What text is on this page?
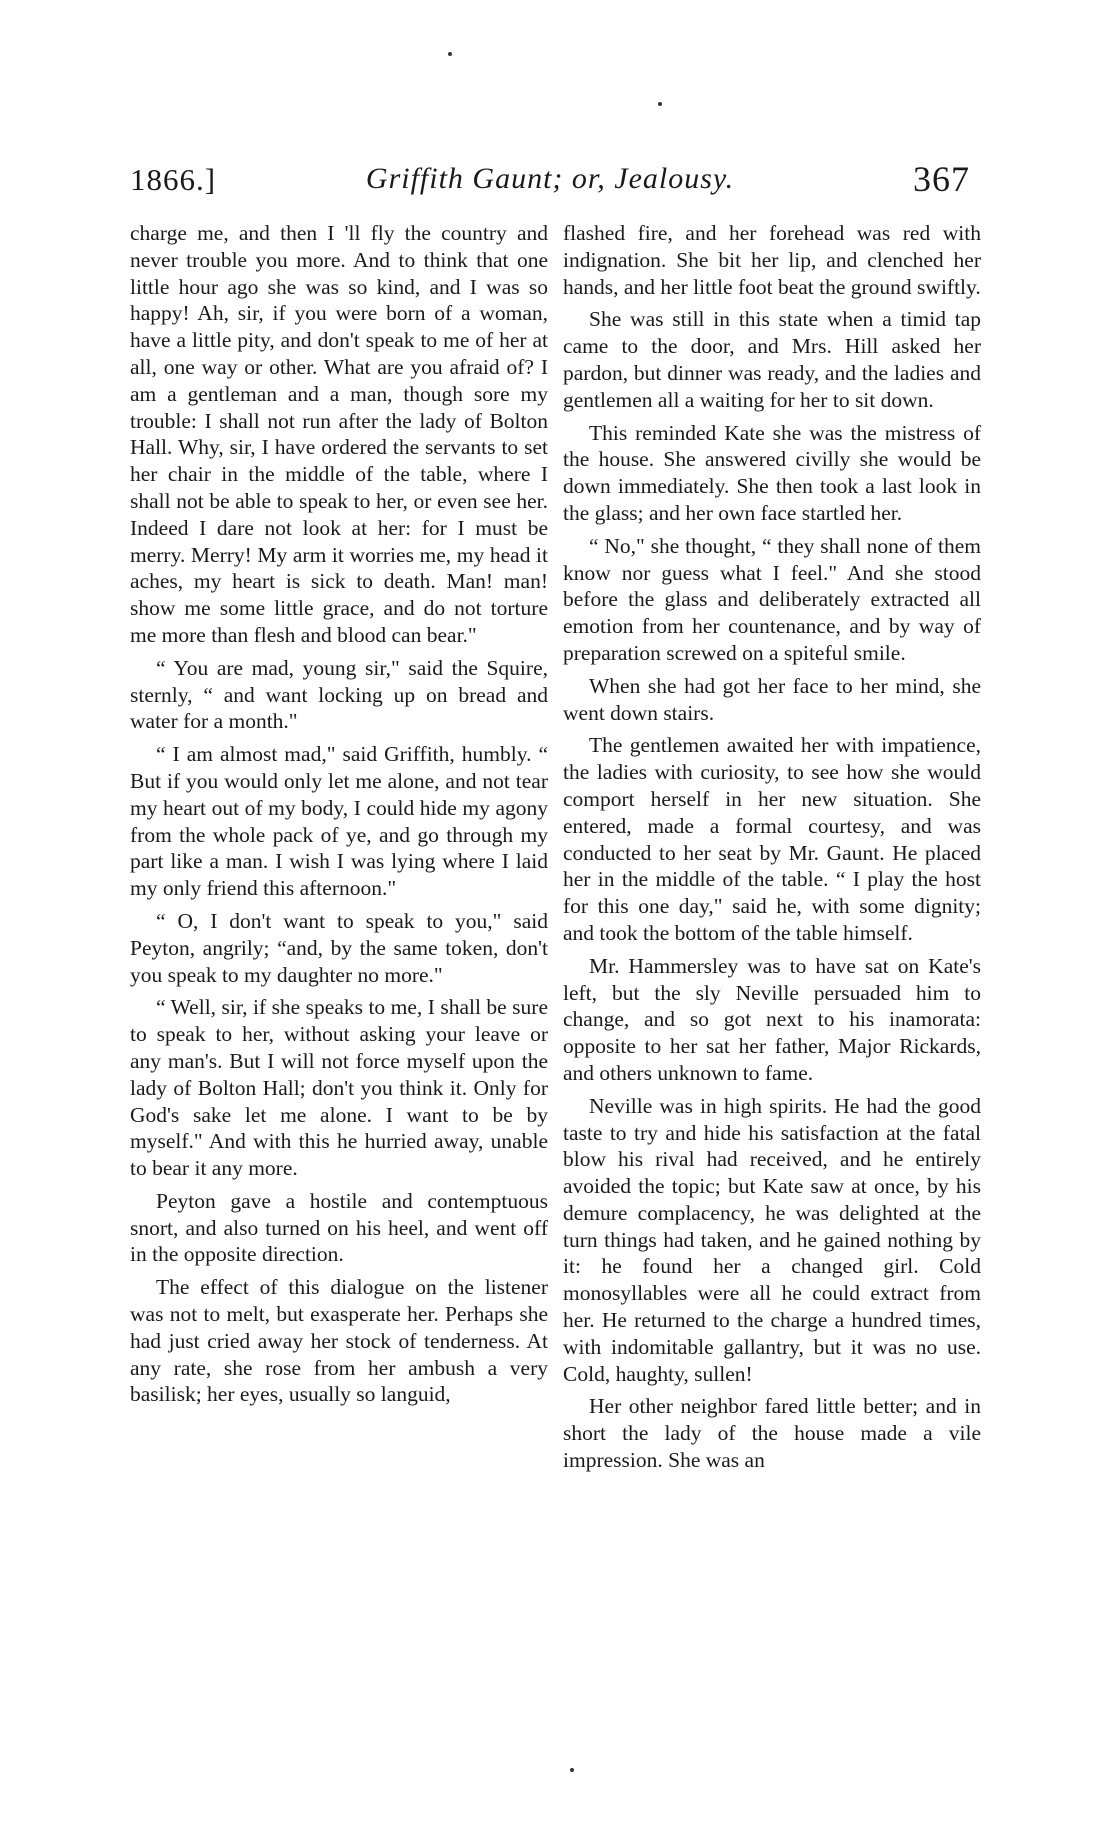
1866.]	Griffith Gaunt; or, Jealousy.	367

charge me, and then I 'll fly the country and never trouble you more. And to think that one little hour ago she was so kind, and I was so happy! Ah, sir, if you were born of a woman, have a little pity, and don't speak to me of her at all, one way or other. What are you afraid of? I am a gentleman and a man, though sore my trouble: I shall not run after the lady of Bolton Hall. Why, sir, I have ordered the servants to set her chair in the middle of the table, where I shall not be able to speak to her, or even see her. Indeed I dare not look at her: for I must be merry. Merry! My arm it worries me, my head it aches, my heart is sick to death. Man! man! show me some little grace, and do not torture me more than flesh and blood can bear."

“ You are mad, young sir," said the Squire, sternly, “ and want locking up on bread and water for a month."

“ I am almost mad," said Griffith, humbly. “ But if you would only let me alone, and not tear my heart out of my body, I could hide my agony from the whole pack of ye, and go through my part like a man. I wish I was lying where I laid my only friend this afternoon."

“ O, I don't want to speak to you," said Peyton, angrily; “and, by the same token, don't you speak to my daughter no more."

“ Well, sir, if she speaks to me, I shall be sure to speak to her, without asking your leave or any man's. But I will not force myself upon the lady of Bolton Hall; don't you think it. Only for God's sake let me alone. I want to be by myself." And with this he hurried away, unable to bear it any more.

Peyton gave a hostile and contemptuous snort, and also turned on his heel, and went off in the opposite direction.

The effect of this dialogue on the listener was not to melt, but exasperate her. Perhaps she had just cried away her stock of tenderness. At any rate, she rose from her ambush a very basilisk; her eyes, usually so languid,

flashed fire, and her forehead was red with indignation. She bit her lip, and clenched her hands, and her little foot beat the ground swiftly.

She was still in this state when a timid tap came to the door, and Mrs. Hill asked her pardon, but dinner was ready, and the ladies and gentlemen all a waiting for her to sit down.

This reminded Kate she was the mistress of the house. She answered civilly she would be down immediately. She then took a last look in the glass; and her own face startled her.

“ No," she thought, “ they shall none of them know nor guess what I feel." And she stood before the glass and deliberately extracted all emotion from her countenance, and by way of preparation screwed on a spiteful smile.

When she had got her face to her mind, she went down stairs.

The gentlemen awaited her with impatience, the ladies with curiosity, to see how she would comport herself in her new situation. She entered, made a formal courtesy, and was conducted to her seat by Mr. Gaunt. He placed her in the middle of the table. “ I play the host for this one day," said he, with some dignity; and took the bottom of the table himself.

Mr. Hammersley was to have sat on Kate's left, but the sly Neville persuaded him to change, and so got next to his inamorata: opposite to her sat her father, Major Rickards, and others unknown to fame.

Neville was in high spirits. He had the good taste to try and hide his satisfaction at the fatal blow his rival had received, and he entirely avoided the topic; but Kate saw at once, by his demure complacency, he was delighted at the turn things had taken, and he gained nothing by it: he found her a changed girl. Cold monosyllables were all he could extract from her. He returned to the charge a hundred times, with indomitable gallantry, but it was no use. Cold, haughty, sullen!

Her other neighbor fared little better; and in short the lady of the house made a vile impression. She was an
